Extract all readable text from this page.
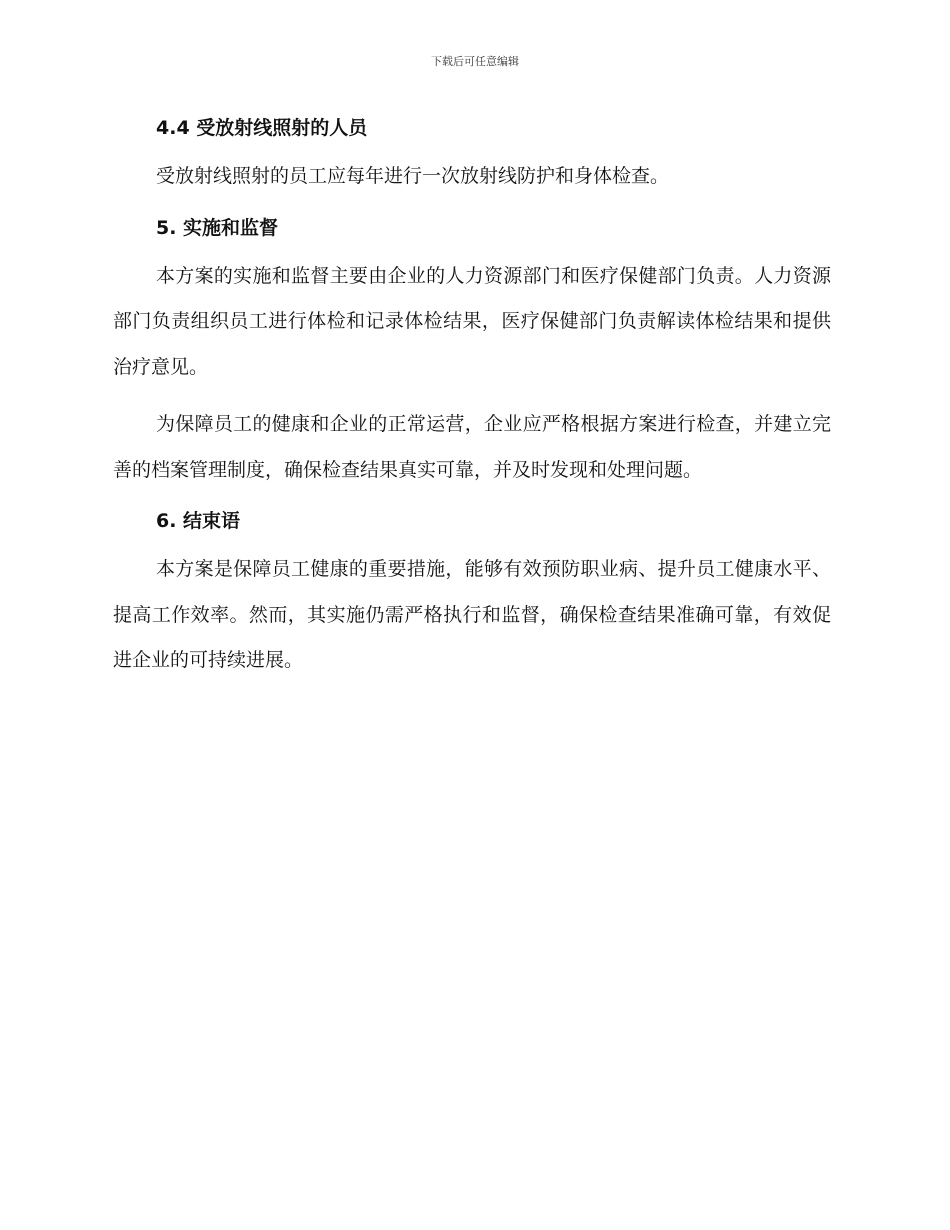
下载后可任意编辑
4.4 受放射线照射的人员

受放射线照射的员工应每年进行一次放射线防护和身体检查。

5. 实施和监督

本方案的实施和监督主要由企业的人力资源部门和医疗保健部门负责。人力资源部门负责组织员工进行体检和记录体检结果，医疗保健部门负责解读体检结果和提供治疗意见。

为保障员工的健康和企业的正常运营，企业应严格根据方案进行检查，并建立完善的档案管理制度，确保检查结果真实可靠，并及时发现和处理问题。

6. 结束语

本方案是保障员工健康的重要措施，能够有效预防职业病、提升员工健康水平、提高工作效率。然而，其实施仍需严格执行和监督，确保检查结果准确可靠，有效促进企业的可持续进展。
